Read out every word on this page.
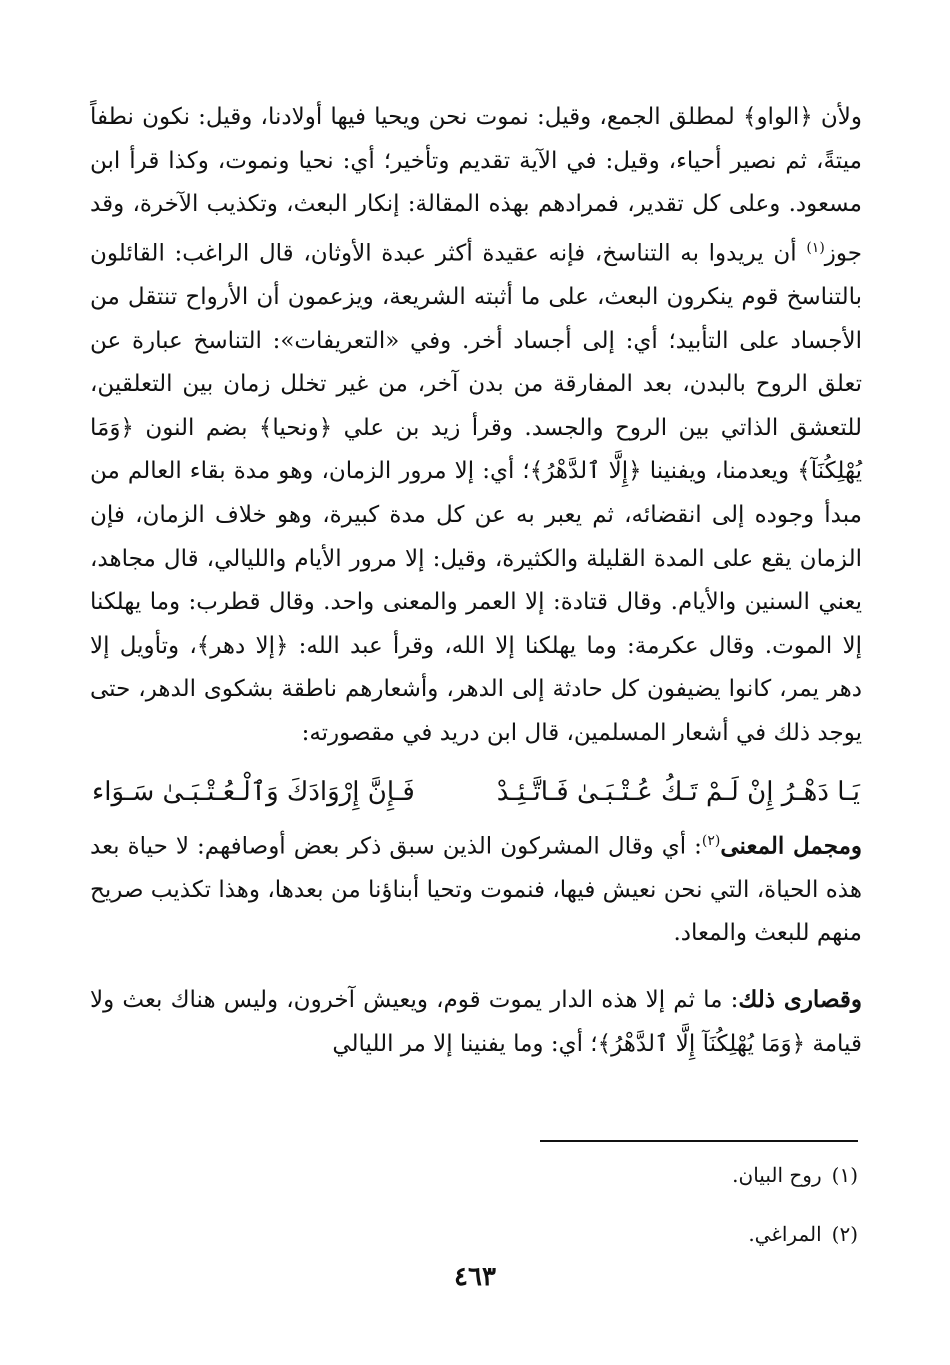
ولأن ﴿الواو﴾ لمطلق الجمع، وقيل: نموت نحن ويحيا فيها أولادنا، وقيل: نكون نطفاً ميتةً، ثم نصير أحياء، وقيل: في الآية تقديم وتأخير؛ أي: نحيا ونموت، وكذا قرأ ابن مسعود. وعلى كل تقدير، فمرادهم بهذه المقالة: إنكار البعث، وتكذيب الآخرة، وقد جوز$^{(١)}$ أن يريدوا به التناسخ، فإنه عقيدة أكثر عبدة الأوثان، قال الراغب: القائلون بالتناسخ قوم ينكرون البعث، على ما أثبته الشريعة، ويزعمون أن الأرواح تنتقل من الأجساد على التأبيد؛ أي: إلى أجساد أخر. وفي «التعريفات»: التناسخ عبارة عن تعلق الروح بالبدن، بعد المفارقة من بدن آخر، من غير تخلل زمان بين التعلقين، للتعشق الذاتي بين الروح والجسد. وقرأ زيد بن علي ﴿ونحيا﴾ بضم النون ﴿وَمَا يُهْلِكُنَآ﴾ ويعدمنا، ويفنينا ﴿إِلَّا ٱلدَّهْرُ﴾؛ أي: إلا مرور الزمان، وهو مدة بقاء العالم من مبدأ وجوده إلى انقضائه، ثم يعبر به عن كل مدة كبيرة، وهو خلاف الزمان، فإن الزمان يقع على المدة القليلة والكثيرة، وقيل: إلا مرور الأيام والليالي، قال مجاهد، يعني السنين والأيام. وقال قتادة: إلا العمر والمعنى واحد. وقال قطرب: وما يهلكنا إلا الموت. وقال عكرمة: وما يهلكنا إلا الله، وقرأ عبد الله: ﴿إلا دهر﴾، وتأويل إلا دهر يمر، كانوا يضيفون كل حادثة إلى الدهر، وأشعارهم ناطقة بشكوى الدهر، حتى يوجد ذلك في أشعار المسلمين، قال ابن دريد في مقصورته:

يَـا دَهْـرُ إِنْ لَـمْ تَـكُ عُـتْـبَـىٰ فَـاتَّـئِـدْ
فَـإِنَّ إِرْوَادَكَ وَٱلْـعُـتْـبَـىٰ سَـوَاء

ومجمل المعنى$^{(٢)}$: أي وقال المشركون الذين سبق ذكر بعض أوصافهم: لا حياة بعد هذه الحياة، التي نحن نعيش فيها، فنموت وتحيا أبناؤنا من بعدها، وهذا تكذيب صريح منهم للبعث والمعاد.

وقصارى ذلك: ما ثم إلا هذه الدار يموت قوم، ويعيش آخرون، وليس هناك بعث ولا قيامة ﴿وَمَا يُهْلِكُنَآ إِلَّا ٱلدَّهْرُ﴾؛ أي: وما يفنينا إلا مر الليالي

(١)روح البيان.
(٢)المراغي.
٤٦٣
